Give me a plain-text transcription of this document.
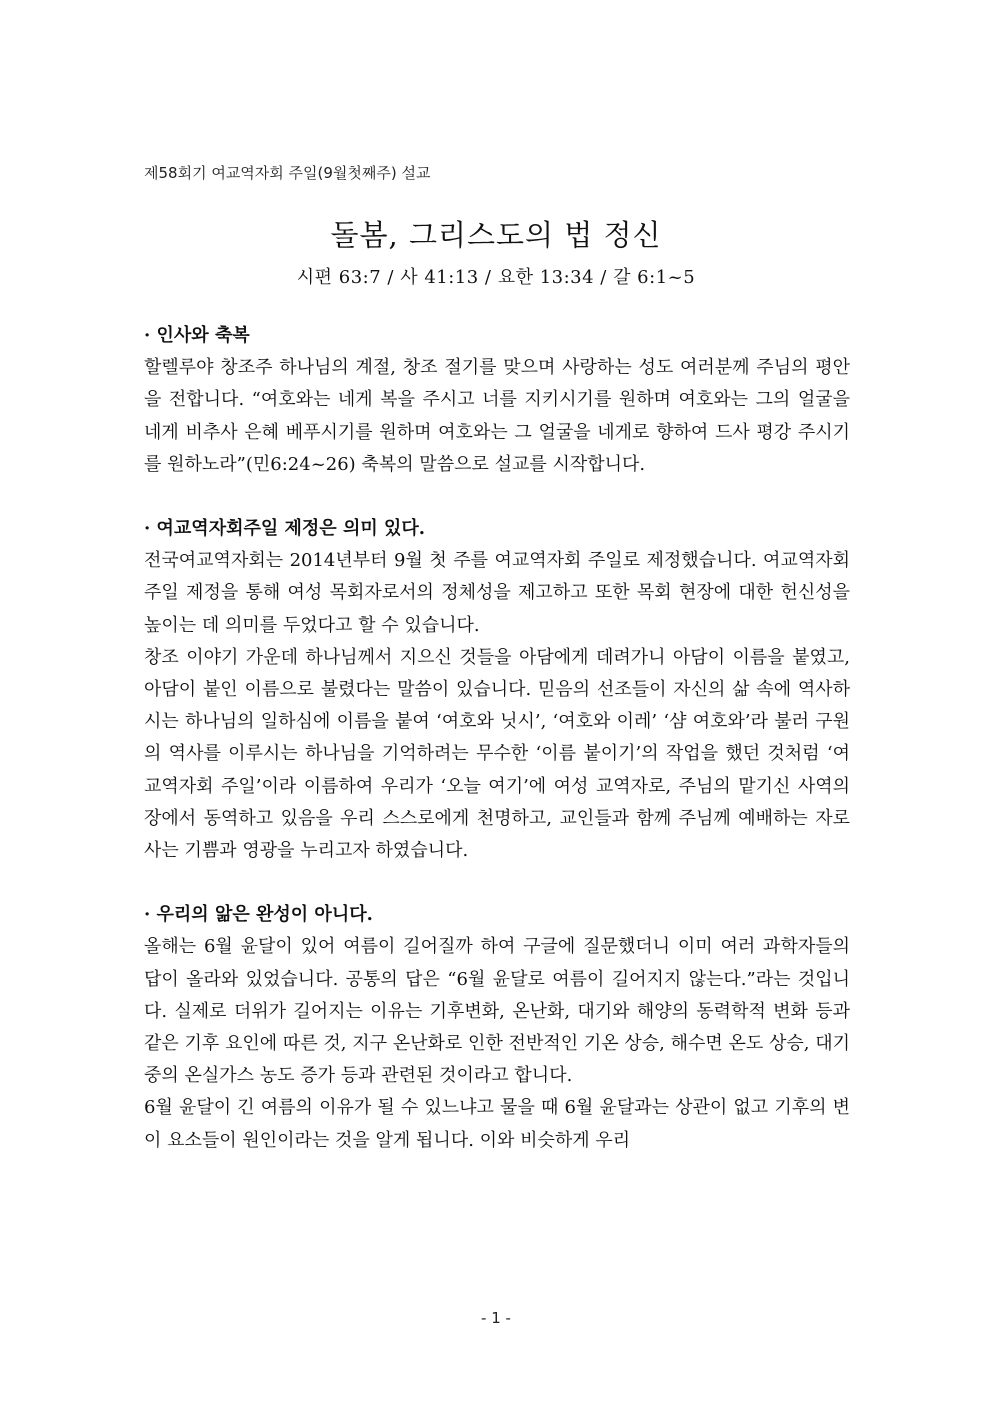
제58회기 여교역자회 주일(9월첫째주) 설교
돌봄, 그리스도의 법 정신
시편 63:7 / 사 41:13 / 요한 13:34 / 갈 6:1~5
· 인사와 축복
할렐루야 창조주 하나님의 계절, 창조 절기를 맞으며 사랑하는 성도 여러분께 주님의 평안을 전합니다. “여호와는 네게 복을 주시고 너를 지키시기를 원하며 여호와는 그의 얼굴을 네게 비추사 은혜 베푸시기를 원하며 여호와는 그 얼굴을 네게로 향하여 드사 평강 주시기를 원하노라”(민6:24~26) 축복의 말씀으로 설교를 시작합니다.
· 여교역자회주일 제정은 의미 있다.
전국여교역자회는 2014년부터 9월 첫 주를 여교역자회 주일로 제정했습니다. 여교역자회주일 제정을 통해 여성 목회자로서의 정체성을 제고하고 또한 목회 현장에 대한 헌신성을 높이는 데 의미를 두었다고 할 수 있습니다.
창조 이야기 가운데 하나님께서 지으신 것들을 아담에게 데려가니 아담이 이름을 붙였고, 아담이 붙인 이름으로 불렸다는 말씀이 있습니다. 믿음의 선조들이 자신의 삶 속에 역사하시는 하나님의 일하심에 이름을 붙여 ‘여호와 닛시’, ‘여호와 이레’ ‘샴 여호와’라 불러 구원의 역사를 이루시는 하나님을 기억하려는 무수한 ‘이름 붙이기’의 작업을 했던 것처럼 ‘여교역자회 주일’이라 이름하여 우리가 ‘오늘 여기’에 여성 교역자로, 주님의 맡기신 사역의 장에서 동역하고 있음을 우리 스스로에게 천명하고, 교인들과 함께 주님께 예배하는 자로 사는 기쁨과 영광을 누리고자 하였습니다.
· 우리의 앎은 완성이 아니다.
올해는 6월 윤달이 있어 여름이 길어질까 하여 구글에 질문했더니 이미 여러 과학자들의 답이 올라와 있었습니다. 공통의 답은 “6월 윤달로 여름이 길어지지 않는다.”라는 것입니다. 실제로 더위가 길어지는 이유는 기후변화, 온난화, 대기와 해양의 동력학적 변화 등과 같은 기후 요인에 따른 것, 지구 온난화로 인한 전반적인 기온 상승, 해수면 온도 상승, 대기 중의 온실가스 농도 증가 등과 관련된 것이라고 합니다.
6월 윤달이 긴 여름의 이유가 될 수 있느냐고 물을 때 6월 윤달과는 상관이 없고 기후의 변이 요소들이 원인이라는 것을 알게 됩니다. 이와 비슷하게 우리
- 1 -
